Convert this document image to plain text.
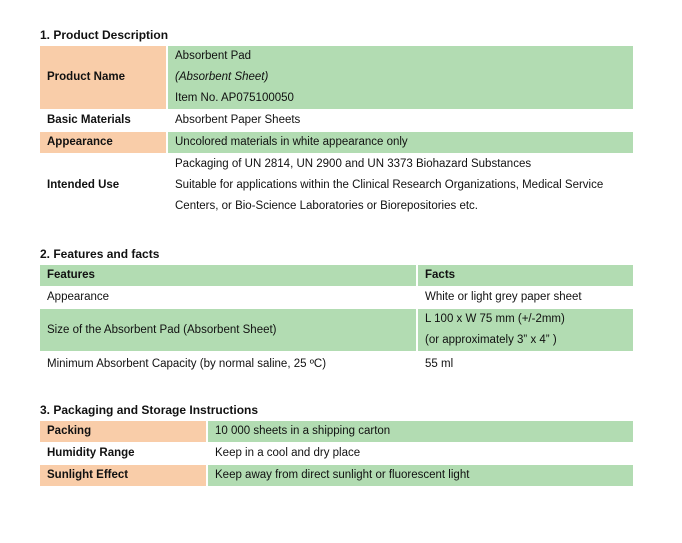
1. Product Description
Product Name	Absorbent Pad
(Absorbent Sheet)
Item No. AP075100050

Basic Materials	Absorbent Paper Sheets
Appearance	Uncolored materials in white appearance only
Intended Use	Packaging of UN 2814, UN 2900 and UN 3373 Biohazard Substances
Suitable for applications within the Clinical Research Organizations, Medical Service
Centers, or Bio-Science Laboratories or Biorepositories etc.
2. Features and facts
Features	Facts
Appearance	White or light grey paper sheet
Size of the Absorbent Pad (Absorbent Sheet)	L 100 x W 75 mm (+/-2mm)
(or approximately 3” x 4” )

Minimum Absorbent Capacity (by normal saline, 25 ºC)	55 ml
3. Packaging and Storage Instructions
Packing	10 000 sheets in a shipping carton
Humidity Range	Keep in a cool and dry place
Sunlight Effect	Keep away from direct sunlight or fluorescent light
